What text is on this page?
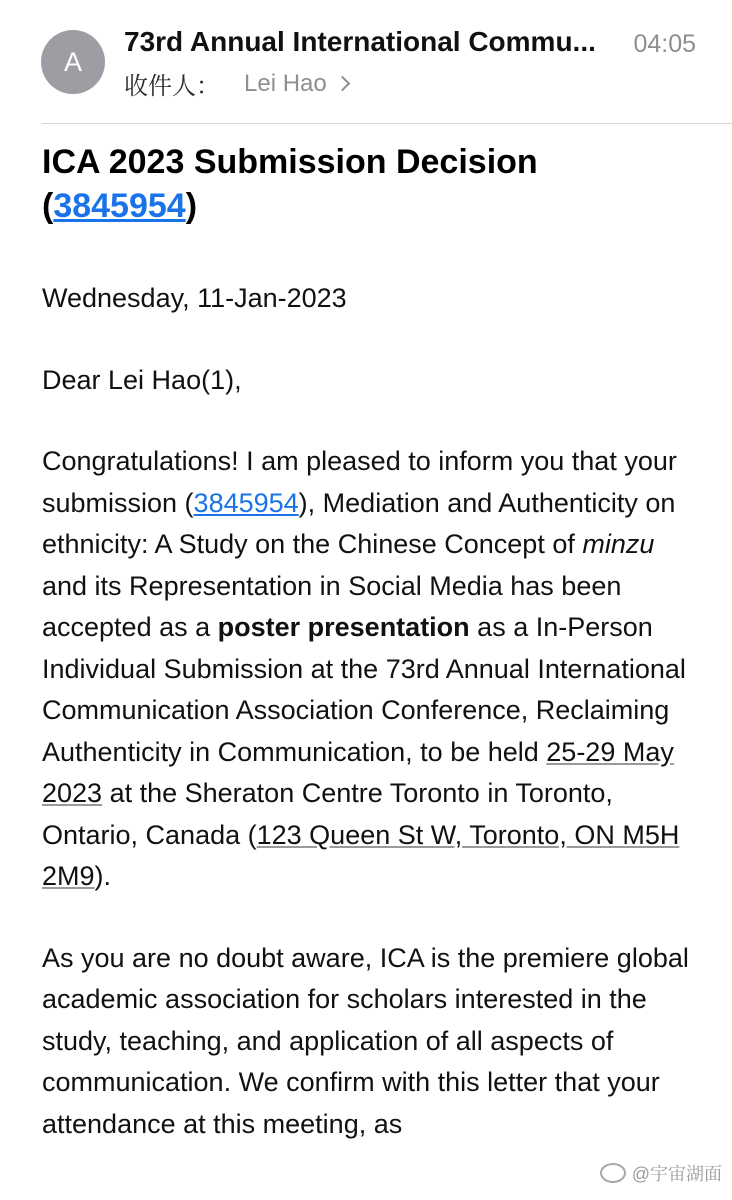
A
73rd Annual International Commu...	04:05
收件人： Lei Hao
ICA 2023 Submission Decision (3845954)

Wednesday, 11-Jan-2023

Dear Lei Hao(1),

Congratulations! I am pleased to inform you that your submission (3845954), Mediation and Authenticity on ethnicity: A Study on the Chinese Concept of minzu and its Representation in Social Media has been accepted as a poster presentation as a In-Person Individual Submission at the 73rd Annual International Communication Association Conference, Reclaiming Authenticity in Communication, to be held 25-29 May 2023 at the Sheraton Centre Toronto in Toronto, Ontario, Canada (123 Queen St W, Toronto, ON M5H 2M9).

As you are no doubt aware, ICA is the premiere global academic association for scholars interested in the study, teaching, and application of all aspects of communication. We confirm with this letter that your attendance at this meeting, as

@宇宙湖面
